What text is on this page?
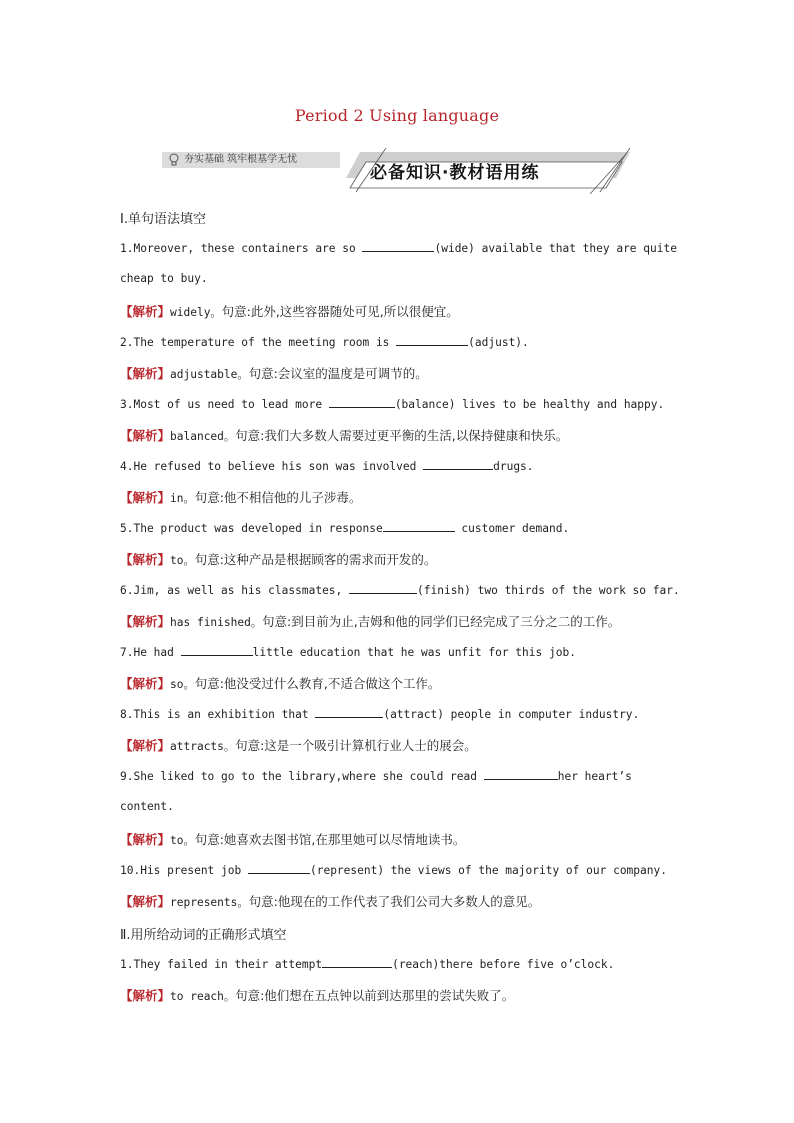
Period 2 Using language
夯实基础 筑牢根基学无忧
必备知识·教材语用练
Ⅰ.单句语法填空
1.Moreover, these containers are so	(wide) available that they are quite
cheap to buy.
【解析】widely。句意:此外,这些容器随处可见,所以很便宜。
2.The temperature of the meeting room is	(adjust).
【解析】adjustable。句意:会议室的温度是可调节的。
3.Most of us need to lead more	(balance) lives to be healthy and happy.
【解析】balanced。句意:我们大多数人需要过更平衡的生活,以保持健康和快乐。
4.He refused to believe his son was involved	drugs.
【解析】in。句意:他不相信他的儿子涉毒。
5.The product was developed in response	customer demand.
【解析】to。句意:这种产品是根据顾客的需求而开发的。
6.Jim, as well as his classmates,	(finish) two thirds of the work so far.
【解析】has finished。句意:到目前为止,吉姆和他的同学们已经完成了三分之二的工作。
7.He had	little education that he was unfit for this job.
【解析】so。句意:他没受过什么教育,不适合做这个工作。
8.This is an exhibition that	(attract) people in computer industry.
【解析】attracts。句意:这是一个吸引计算机行业人士的展会。
9.She liked to go to the library,where she could read	her heart’s
content.
【解析】to。句意:她喜欢去图书馆,在那里她可以尽情地读书。
10.His present job	(represent) the views of the majority of our company.
【解析】represents。句意:他现在的工作代表了我们公司大多数人的意见。
Ⅱ.用所给动词的正确形式填空
1.They failed in their attempt	(reach)there before five o’clock.
【解析】to reach。句意:他们想在五点钟以前到达那里的尝试失败了。
